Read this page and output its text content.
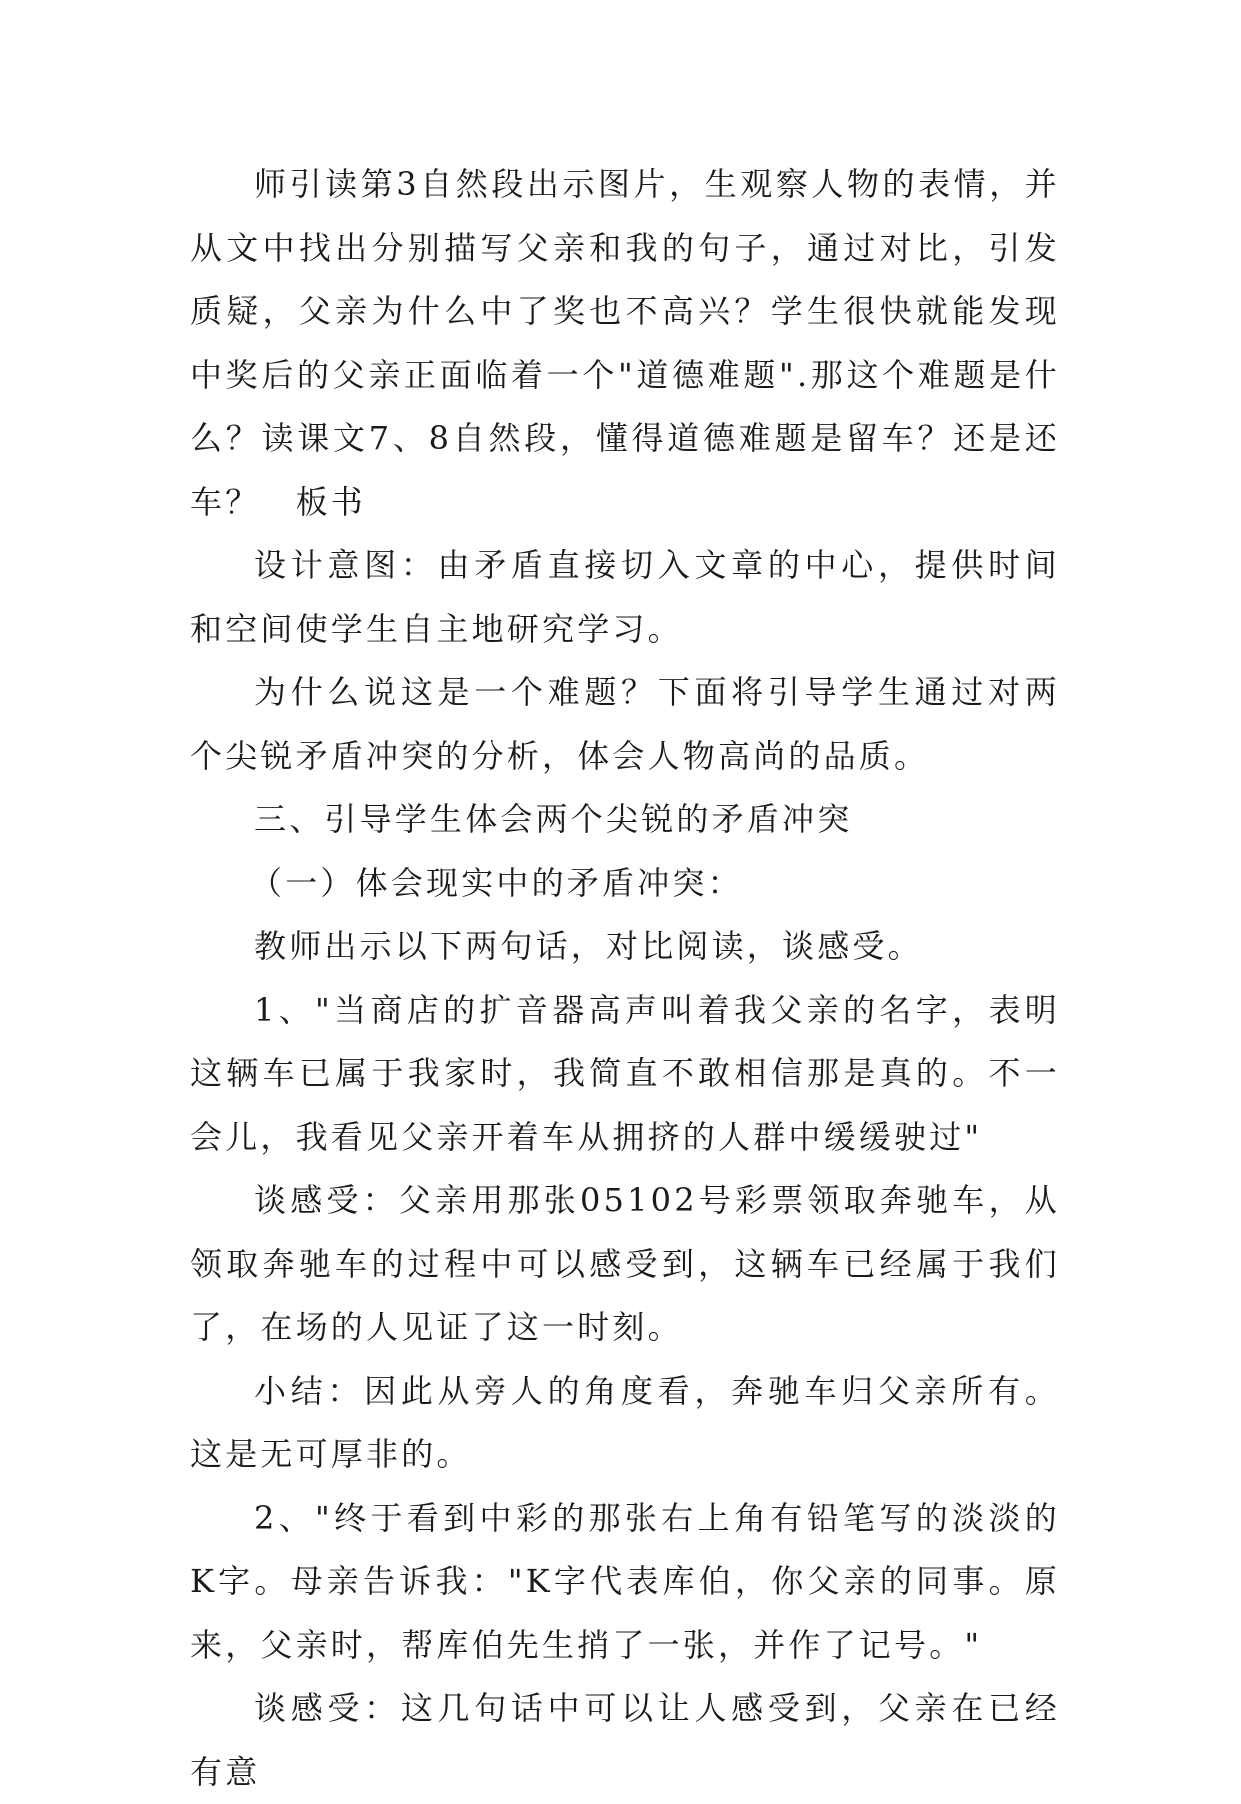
师引读第3自然段出示图片，生观察人物的表情，并从文中找出分别描写父亲和我的句子，通过对比，引发质疑，父亲为什么中了奖也不高兴？学生很快就能发现中奖后的父亲正面临着一个"道德难题".那这个难题是什么？读课文7、8自然段，懂得道德难题是留车？还是还车？　板书

设计意图：由矛盾直接切入文章的中心，提供时间和空间使学生自主地研究学习。

为什么说这是一个难题？下面将引导学生通过对两个尖锐矛盾冲突的分析，体会人物高尚的品质。

三、引导学生体会两个尖锐的矛盾冲突

（一）体会现实中的矛盾冲突：

教师出示以下两句话，对比阅读，谈感受。

1、"当商店的扩音器高声叫着我父亲的名字，表明这辆车已属于我家时，我简直不敢相信那是真的。不一会儿，我看见父亲开着车从拥挤的人群中缓缓驶过"

谈感受：父亲用那张05102号彩票领取奔驰车，从领取奔驰车的过程中可以感受到，这辆车已经属于我们了，在场的人见证了这一时刻。

小结：因此从旁人的角度看，奔驰车归父亲所有。这是无可厚非的。

2、"终于看到中彩的那张右上角有铅笔写的淡淡的K字。母亲告诉我："K字代表库伯，你父亲的同事。原来，父亲时，帮库伯先生捎了一张，并作了记号。"

谈感受：这几句话中可以让人感受到，父亲在已经有意
